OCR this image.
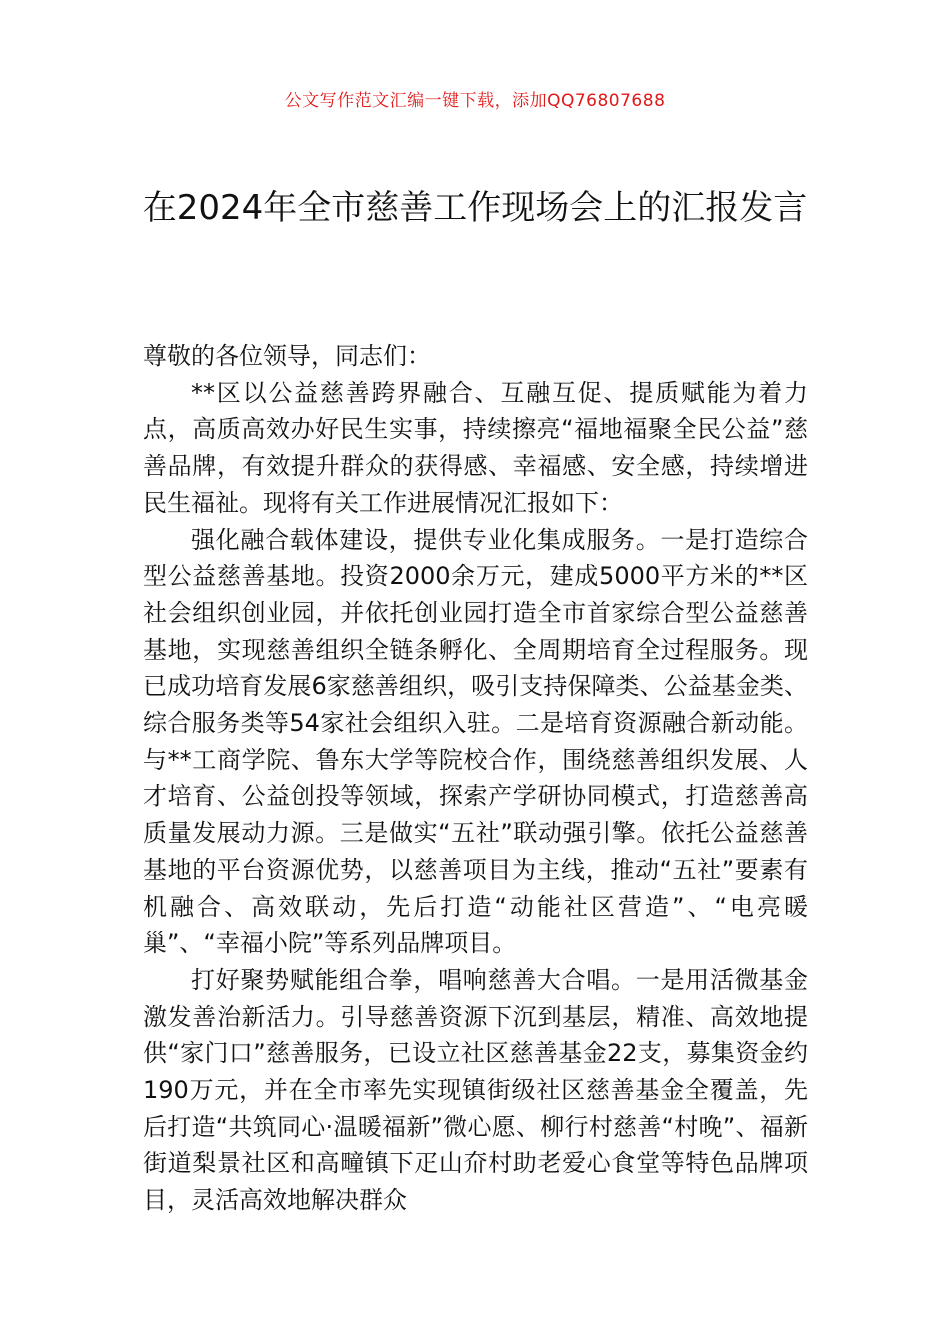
公文写作范文汇编一键下载，添加QQ76807688
在2024年全市慈善工作现场会上的汇报发言

尊敬的各位领导，同志们：

**区以公益慈善跨界融合、互融互促、提质赋能为着力点，高质高效办好民生实事，持续擦亮“福地福聚全民公益”慈善品牌，有效提升群众的获得感、幸福感、安全感，持续增进民生福祉。现将有关工作进展情况汇报如下：

强化融合载体建设，提供专业化集成服务。一是打造综合型公益慈善基地。投资2000余万元，建成5000平方米的**区社会组织创业园，并依托创业园打造全市首家综合型公益慈善基地，实现慈善组织全链条孵化、全周期培育全过程服务。现已成功培育发展6家慈善组织，吸引支持保障类、公益基金类、综合服务类等54家社会组织入驻。二是培育资源融合新动能。与**工商学院、鲁东大学等院校合作，围绕慈善组织发展、人才培育、公益创投等领域，探索产学研协同模式，打造慈善高质量发展动力源。三是做实“五社”联动强引擎。依托公益慈善基地的平台资源优势，以慈善项目为主线，推动“五社”要素有机融合、高效联动，先后打造“动能社区营造”、“电亮暖巢”、“幸福小院”等系列品牌项目。

打好聚势赋能组合拳，唱响慈善大合唱。一是用活微基金激发善治新活力。引导慈善资源下沉到基层，精准、高效地提供“家门口”慈善服务，已设立社区慈善基金22支，募集资金约190万元，并在全市率先实现镇街级社区慈善基金全覆盖，先后打造“共筑同心·温暖福新”微心愿、柳行村慈善“村晚”、福新街道梨景社区和高疃镇下疋山夼村助老爱心食堂等特色品牌项目，灵活高效地解决群众
